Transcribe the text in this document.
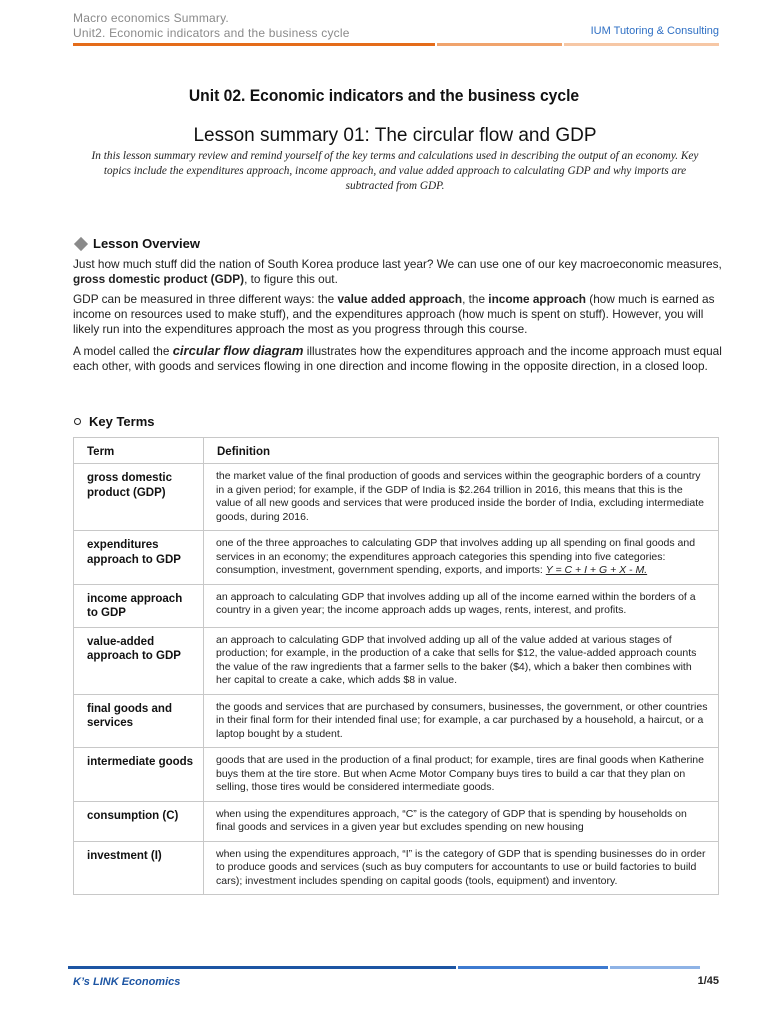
Macro economics Summary.
Unit2. Economic indicators and the business cycle	IUM Tutoring & Consulting
Unit 02. Economic indicators and the business cycle
Lesson summary 01: The circular flow and GDP
In this lesson summary review and remind yourself of the key terms and calculations used in describing the output of an economy. Key topics include the expenditures approach, income approach, and value added approach to calculating GDP and why imports are subtracted from GDP.
Lesson Overview
Just how much stuff did the nation of South Korea produce last year? We can use one of our key macroeconomic measures, gross domestic product (GDP), to figure this out.
GDP can be measured in three different ways: the value added approach, the income approach (how much is earned as income on resources used to make stuff), and the expenditures approach (how much is spent on stuff). However, you will likely run into the expenditures approach the most as you progress through this course.
A model called the circular flow diagram illustrates how the expenditures approach and the income approach must equal each other, with goods and services flowing in one direction and income flowing in the opposite direction, in a closed loop.
Key Terms
Term	Definition
gross domestic product (GDP)	the market value of the final production of goods and services within the geographic borders of a country in a given period; for example, if the GDP of India is $2.264 trillion in 2016, this means that this is the value of all new goods and services that were produced inside the border of India, excluding intermediate goods, during 2016.
expenditures approach to GDP	one of the three approaches to calculating GDP that involves adding up all spending on final goods and services in an economy; the expenditures approach categories this spending into five categories: consumption, investment, government spending, exports, and imports: Y = C + I + G + X - M.
income approach to GDP	an approach to calculating GDP that involves adding up all of the income earned within the borders of a country in a given year; the income approach adds up wages, rents, interest, and profits.
value-added approach to GDP	an approach to calculating GDP that involved adding up all of the value added at various stages of production; for example, in the production of a cake that sells for $12, the value-added approach counts the value of the raw ingredients that a farmer sells to the baker ($4), which a baker then combines with her capital to create a cake, which adds $8 in value.
final goods and services	the goods and services that are purchased by consumers, businesses, the government, or other countries in their final form for their intended final use; for example, a car purchased by a household, a haircut, or a laptop bought by a student.
intermediate goods	goods that are used in the production of a final product; for example, tires are final goods when Katherine buys them at the tire store. But when Acme Motor Company buys tires to build a car that they plan on selling, those tires would be considered intermediate goods.
consumption (C)	when using the expenditures approach, “C” is the category of GDP that is spending by households on final goods and services in a given year but excludes spending on new housing
investment (I)	when using the expenditures approach, “I” is the category of GDP that is spending businesses do in order to produce goods and services (such as buy computers for accountants to use or build factories to build cars); investment includes spending on capital goods (tools, equipment) and inventory.
K’s LINK Economics	1/45
